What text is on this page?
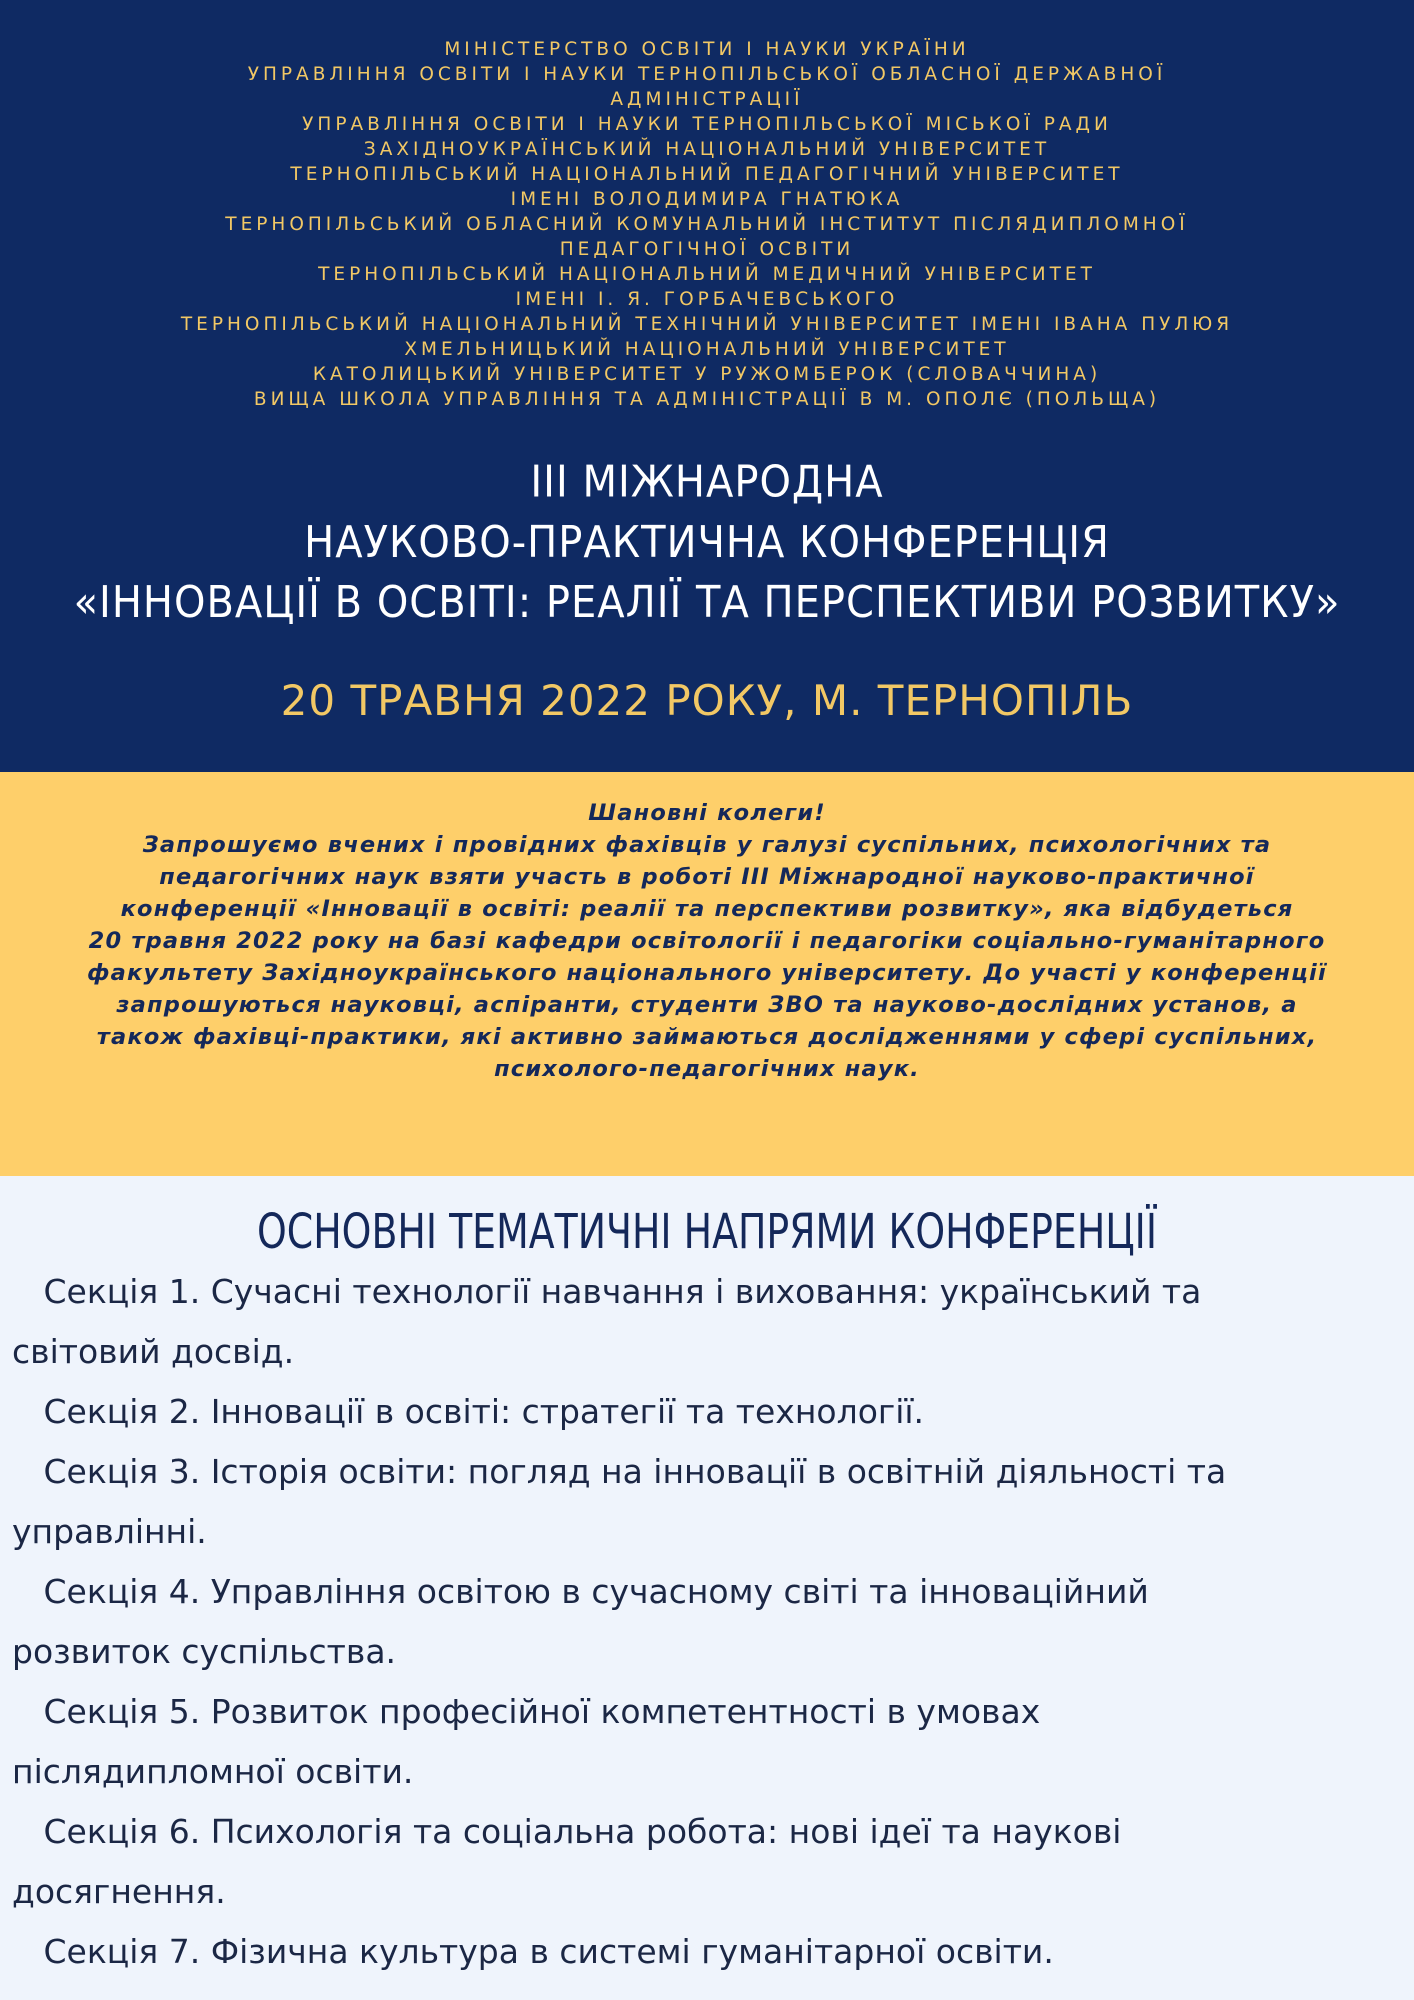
МІНІСТЕРСТВО ОСВІТИ І НАУКИ УКРАЇНИ
УПРАВЛІННЯ ОСВІТИ І НАУКИ ТЕРНОПІЛЬСЬКОЇ ОБЛАСНОЇ ДЕРЖАВНОЇ
АДМІНІСТРАЦІЇ
УПРАВЛІННЯ ОСВІТИ І НАУКИ ТЕРНОПІЛЬСЬКОЇ МІСЬКОЇ РАДИ
ЗАХІДНОУКРАЇНСЬКИЙ НАЦІОНАЛЬНИЙ УНІВЕРСИТЕТ
ТЕРНОПІЛЬСЬКИЙ НАЦІОНАЛЬНИЙ ПЕДАГОГІЧНИЙ УНІВЕРСИТЕТ
ІМЕНІ ВОЛОДИМИРА ГНАТЮКА
ТЕРНОПІЛЬСЬКИЙ ОБЛАСНИЙ КОМУНАЛЬНИЙ ІНСТИТУТ ПІСЛЯДИПЛОМНОЇ
ПЕДАГОГІЧНОЇ ОСВІТИ
ТЕРНОПІЛЬСЬКИЙ НАЦІОНАЛЬНИЙ МЕДИЧНИЙ УНІВЕРСИТЕТ
ІМЕНІ І. Я. ГОРБАЧЕВСЬКОГО
ТЕРНОПІЛЬСЬКИЙ НАЦІОНАЛЬНИЙ ТЕХНІЧНИЙ УНІВЕРСИТЕТ ІМЕНІ ІВАНА ПУЛЮЯ
ХМЕЛЬНИЦЬКИЙ НАЦІОНАЛЬНИЙ УНІВЕРСИТЕТ
КАТОЛИЦЬКИЙ УНІВЕРСИТЕТ У РУЖОМБЕРОК (СЛОВАЧЧИНА)
ВИЩА ШКОЛА УПРАВЛІННЯ ТА АДМІНІСТРАЦІЇ В М. ОПОЛЄ (ПОЛЬЩА)
ІІІ МІЖНАРОДНА
НАУКОВО-ПРАКТИЧНА КОНФЕРЕНЦІЯ
«ІННОВАЦІЇ В ОСВІТІ: РЕАЛІЇ ТА ПЕРСПЕКТИВИ РОЗВИТКУ»
20 ТРАВНЯ 2022 РОКУ, М. ТЕРНОПІЛЬ
Шановні колеги!
Запрошуємо вчених і провідних фахівців у галузі суспільних, психологічних та
педагогічних наук взяти участь в роботі ІІІ Міжнародної науково-практичної
конференції «Інновації в освіті: реалії та перспективи розвитку», яка відбудеться
20 травня 2022 року на базі кафедри освітології і педагогіки соціально-гуманітарного
факультету Західноукраїнського національного університету. До участі у конференції
запрошуються науковці, аспіранти, студенти ЗВО та науково-дослідних установ, а
також фахівці-практики, які активно займаються дослідженнями у сфері суспільних,
психолого-педагогічних наук.
ОСНОВНІ ТЕМАТИЧНІ НАПРЯМИ КОНФЕРЕНЦІЇ
Секція 1. Сучасні технології навчання і виховання: український та
світовий досвід.
Секція 2. Інновації в освіті: стратегії та технології.
Секція 3. Історія освіти: погляд на інновації в освітній діяльності та
управлінні.
Секція 4. Управління освітою в сучасному світі та інноваційний
розвиток суспільства.
Секція 5. Розвиток професійної компетентності в умовах
післядипломної освіти.
Секція 6. Психологія та соціальна робота: нові ідеї та наукові
досягнення.
Секція 7. Фізична культура в системі гуманітарної освіти.
